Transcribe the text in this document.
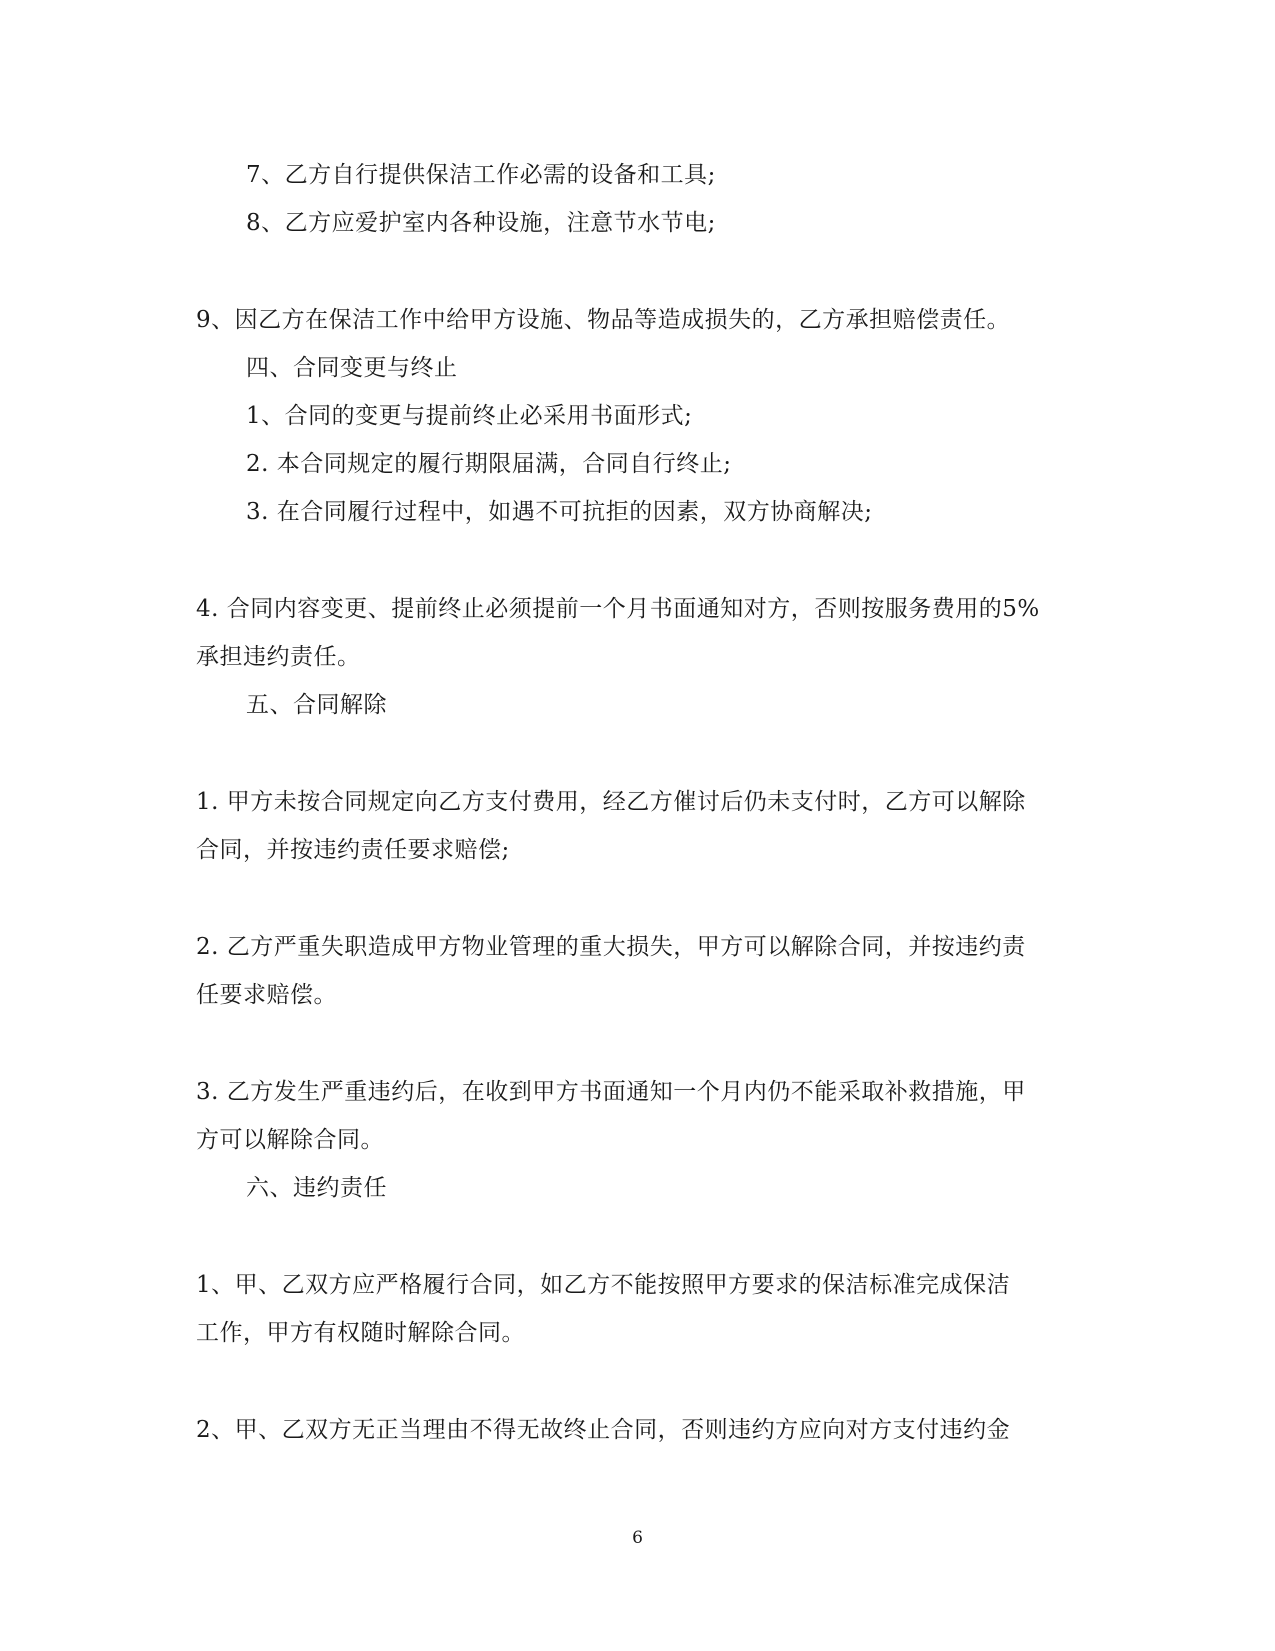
7、乙方自行提供保洁工作必需的设备和工具;
8、乙方应爱护室内各种设施，注意节水节电;
9、因乙方在保洁工作中给甲方设施、物品等造成损失的，乙方承担赔偿责任。
四、合同变更与终止
1、合同的变更与提前终止必采用书面形式;
2. 本合同规定的履行期限届满，合同自行终止;
3. 在合同履行过程中，如遇不可抗拒的因素，双方协商解决;
4. 合同内容变更、提前终止必须提前一个月书面通知对方，否则按服务费用的5%
承担违约责任。
五、合同解除
1. 甲方未按合同规定向乙方支付费用，经乙方催讨后仍未支付时，乙方可以解除
合同，并按违约责任要求赔偿;
2. 乙方严重失职造成甲方物业管理的重大损失，甲方可以解除合同，并按违约责
任要求赔偿。
3. 乙方发生严重违约后，在收到甲方书面通知一个月内仍不能采取补救措施，甲
方可以解除合同。
六、违约责任
1、甲、乙双方应严格履行合同，如乙方不能按照甲方要求的保洁标准完成保洁
工作，甲方有权随时解除合同。
2、甲、乙双方无正当理由不得无故终止合同，否则违约方应向对方支付违约金
6
